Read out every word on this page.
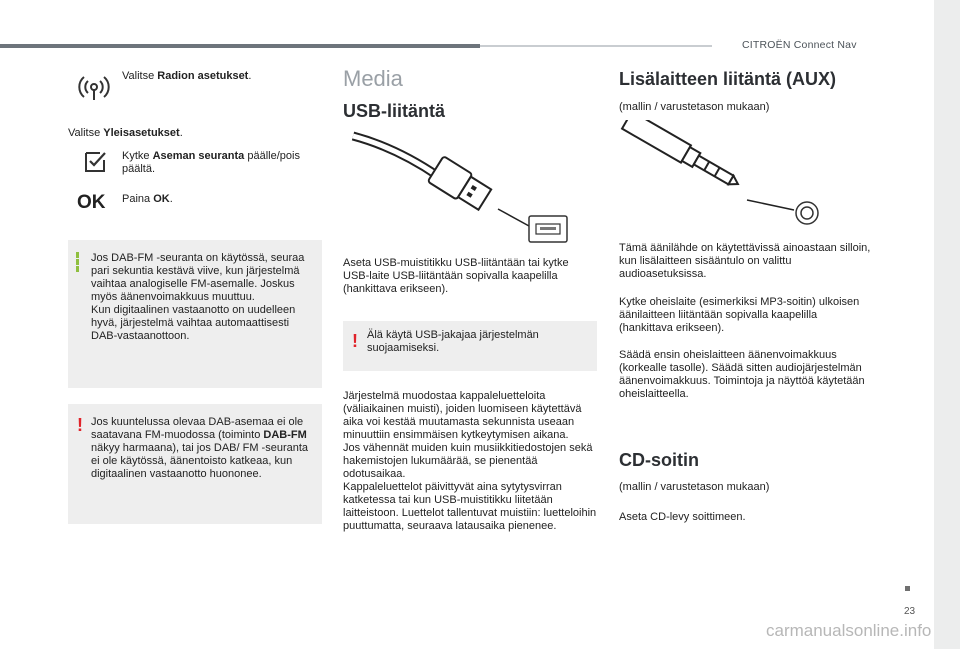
CITROËN Connect Nav

Valitse Radion asetukset.

Valitse Yleisasetukset.

Kytke Aseman seuranta päälle/pois päältä.

OK Paina OK.

Jos DAB-FM -seuranta on käytössä, seuraa pari sekuntia kestävä viive, kun järjestelmä vaihtaa analogiselle FM-asemalle. Joskus myös äänenvoimakkuus muuttuu.

Kun digitaalinen vastaanotto on uudelleen hyvä, järjestelmä vaihtaa automaattisesti DAB-vastaanottoon.

! Jos kuuntelussa olevaa DAB-asemaa ei ole saatavana FM-muodossa (toiminto DAB-FM näkyy harmaana), tai jos DAB/ FM -seuranta ei ole käytössä, äänentoisto katkeaa, kun digitaalinen vastaanotto huononee.

Media
USB-liitäntä

Aseta USB-muistitikku USB-liitäntään tai kytke USB-laite USB-liitäntään sopivalla kaapelilla (hankittava erikseen).

! Älä käytä USB-jakajaa järjestelmän suojaamiseksi.

Järjestelmä muodostaa kappaleluetteloita (väliaikainen muisti), joiden luomiseen käytettävä aika voi kestää muutamasta sekunnista useaan minuuttiin ensimmäisen kytkeytymisen aikana.

Jos vähennät muiden kuin musiikkitiedostojen sekä hakemistojen lukumäärää, se pienentää odotusaikaa.

Kappaleluettelot päivittyvät aina sytytysvirran katketessa tai kun USB-muistitikku liitetään laitteistoon. Luettelot tallentuvat muistiin: luetteloihin puuttumatta, seuraava latausaika pienenee.

Lisälaitteen liitäntä (AUX)

(mallin / varustetason mukaan)

Tämä äänilähde on käytettävissä ainoastaan silloin, kun lisälaitteen sisääntulo on valittu audioasetuksissa.

Kytke oheislaite (esimerkiksi MP3-soitin) ulkoisen äänilaitteen liitäntään sopivalla kaapelilla (hankittava erikseen).

Säädä ensin oheislaitteen äänenvoimakkuus (korkealle tasolle). Säädä sitten audiojärjestelmän äänenvoimakkuus. Toimintoja ja näyttöä käytetään oheislaitteella.

CD-soitin

(mallin / varustetason mukaan)

Aseta CD-levy soittimeen.

23
carmanualsonline.info
